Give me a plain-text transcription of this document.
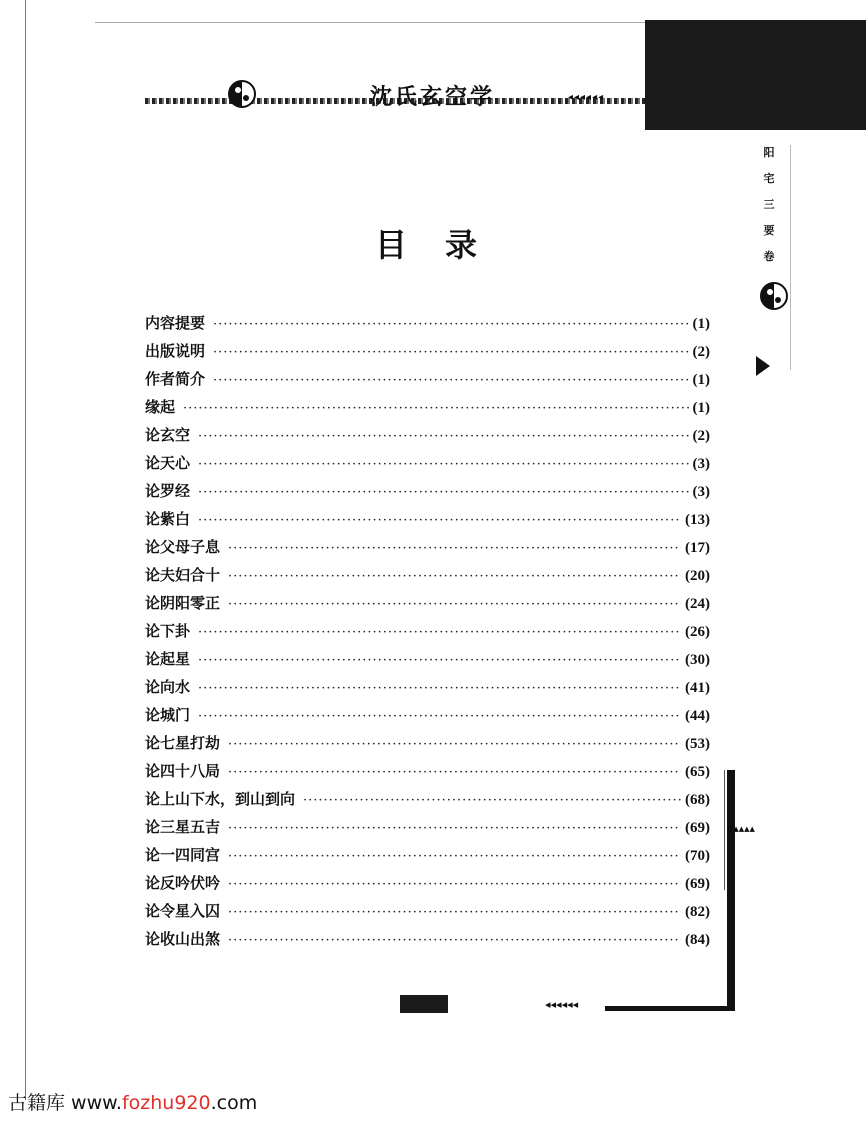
沈氏玄空学	◂◂◂◂◂◂
阳
宅
三
要
卷
目录
内容提要 ·····	(1)
出版说明 ·····	(2)
作者简介 ·····	(1)
缘起 ·····	(1)
论玄空 ·····	(2)
论天心 ·····	(3)
论罗经 ·····	(3)
论紫白 ·····	(13)
论父母子息 ·····	(17)
论夫妇合十 ·····	(20)
论阴阳零正 ·····	(24)
论下卦 ·····	(26)
论起星 ·····	(30)
论向水 ·····	(41)
论城门 ·····	(44)
论七星打劫 ·····	(53)
论四十八局 ·····	(65)
论上山下水，到山到向 ·····	(68)
论三星五吉 ·····	(69)
论一四同宫 ·····	(70)
论反吟伏吟 ·····	(69)
论令星入囚 ·····	(82)
论收山出煞 ·····	(84)
▲▲▲▲▲
◂◂◂◂◂◂
古籍库 www.fozhu920.com
